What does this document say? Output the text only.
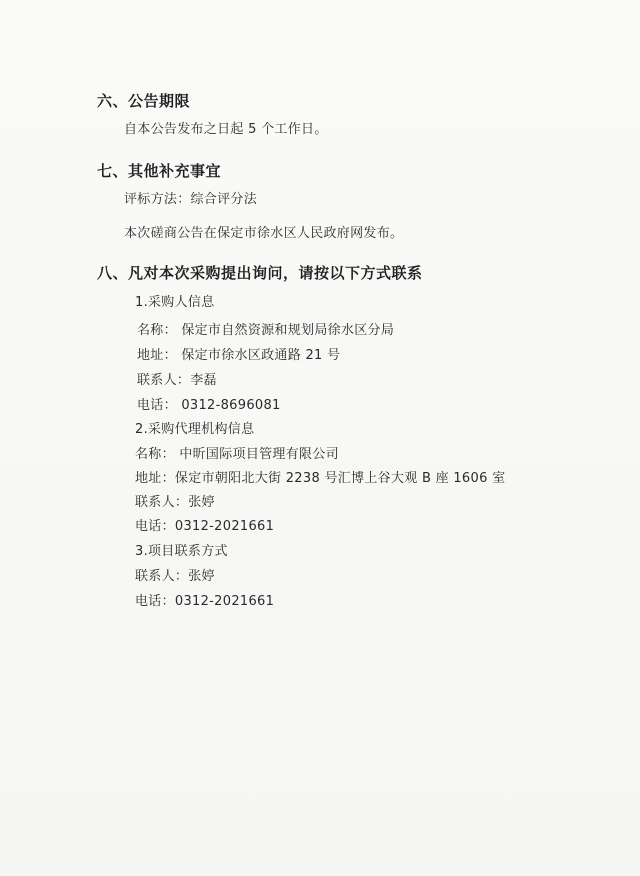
六、公告期限
自本公告发布之日起 5 个工作日。
七、其他补充事宜
评标方法：综合评分法
本次磋商公告在保定市徐水区人民政府网发布。
八、凡对本次采购提出询问，请按以下方式联系
1.采购人信息
名称： 保定市自然资源和规划局徐水区分局
地址： 保定市徐水区政通路 21 号
联系人：李磊
电话： 0312-8696081
2.采购代理机构信息
名称： 中昕国际项目管理有限公司
地址：保定市朝阳北大街 2238 号汇博上谷大观 B 座 1606 室
联系人：张婷
电话：0312-2021661
3.项目联系方式
联系人：张婷
电话：0312-2021661
